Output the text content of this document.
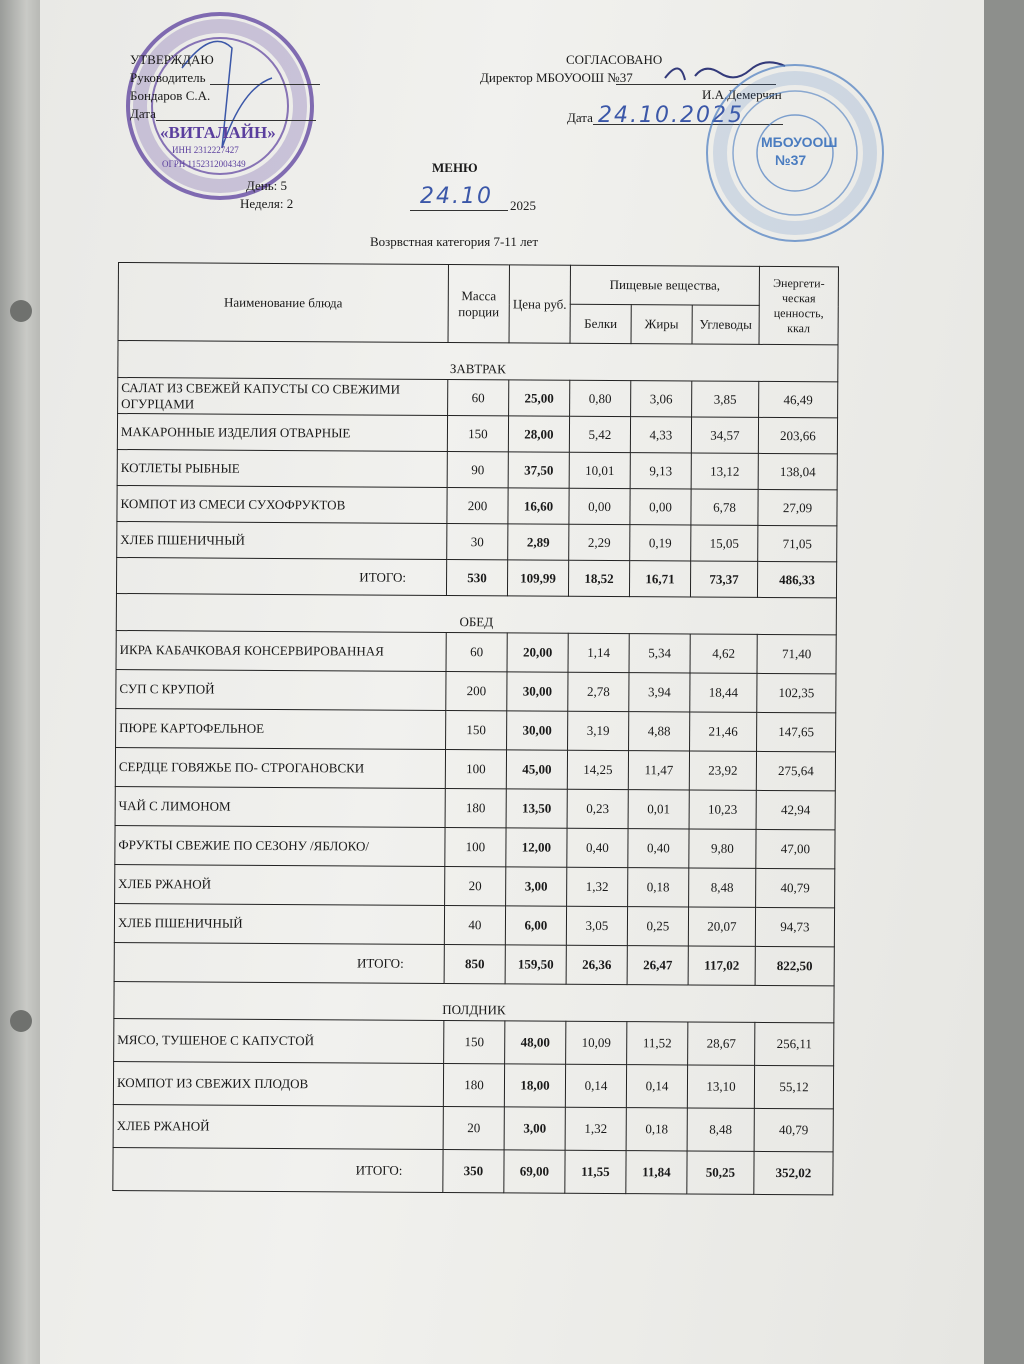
«ВИТАЛАЙН»
ИНН 2312227427
ОГРН 1152312004349
УТВЕРЖДАЮ
Руководитель
Бондаров С.А.
Дата
СОГЛАСОВАНО
Директор МБОУООШ №37
И.А.Демерчян
Дата 24.10.2025
МБОУООШ
№37
МЕНЮ
День: 5
Неделя: 2	24.10 2025
Возрвстная категория 7-11 лет
Наименование блюда	Масса порции	Цена руб.	Пищевые вещества,			Энергети-ческая ценность, ккал
			Белки	Жиры	Углеводы	
ЗАВТРАК						
САЛАТ ИЗ СВЕЖЕЙ КАПУСТЫ СО СВЕЖИМИ ОГУРЦАМИ	60	25,00	0,80	3,06	3,85	46,49
МАКАРОННЫЕ ИЗДЕЛИЯ ОТВАРНЫЕ	150	28,00	5,42	4,33	34,57	203,66
КОТЛЕТЫ РЫБНЫЕ	90	37,50	10,01	9,13	13,12	138,04
КОМПОТ ИЗ СМЕСИ СУХОФРУКТОВ	200	16,60	0,00	0,00	6,78	27,09
ХЛЕБ ПШЕНИЧНЫЙ	30	2,89	2,29	0,19	15,05	71,05
ИТОГО:	530	109,99	18,52	16,71	73,37	486,33
ОБЕД						
ИКРА КАБАЧКОВАЯ КОНСЕРВИРОВАННАЯ	60	20,00	1,14	5,34	4,62	71,40
СУП С КРУПОЙ	200	30,00	2,78	3,94	18,44	102,35
ПЮРЕ КАРТОФЕЛЬНОЕ	150	30,00	3,19	4,88	21,46	147,65
СЕРДЦЕ ГОВЯЖЬЕ ПО- СТРОГАНОВСКИ	100	45,00	14,25	11,47	23,92	275,64
ЧАЙ С ЛИМОНОМ	180	13,50	0,23	0,01	10,23	42,94
ФРУКТЫ СВЕЖИЕ ПО СЕЗОНУ /ЯБЛОКО/	100	12,00	0,40	0,40	9,80	47,00
ХЛЕБ РЖАНОЙ	20	3,00	1,32	0,18	8,48	40,79
ХЛЕБ ПШЕНИЧНЫЙ	40	6,00	3,05	0,25	20,07	94,73
ИТОГО:	850	159,50	26,36	26,47	117,02	822,50
ПОЛДНИК						
МЯСО, ТУШЕНОЕ С КАПУСТОЙ	150	48,00	10,09	11,52	28,67	256,11
КОМПОТ ИЗ СВЕЖИХ ПЛОДОВ	180	18,00	0,14	0,14	13,10	55,12
ХЛЕБ РЖАНОЙ	20	3,00	1,32	0,18	8,48	40,79
ИТОГО:	350	69,00	11,55	11,84	50,25	352,02
